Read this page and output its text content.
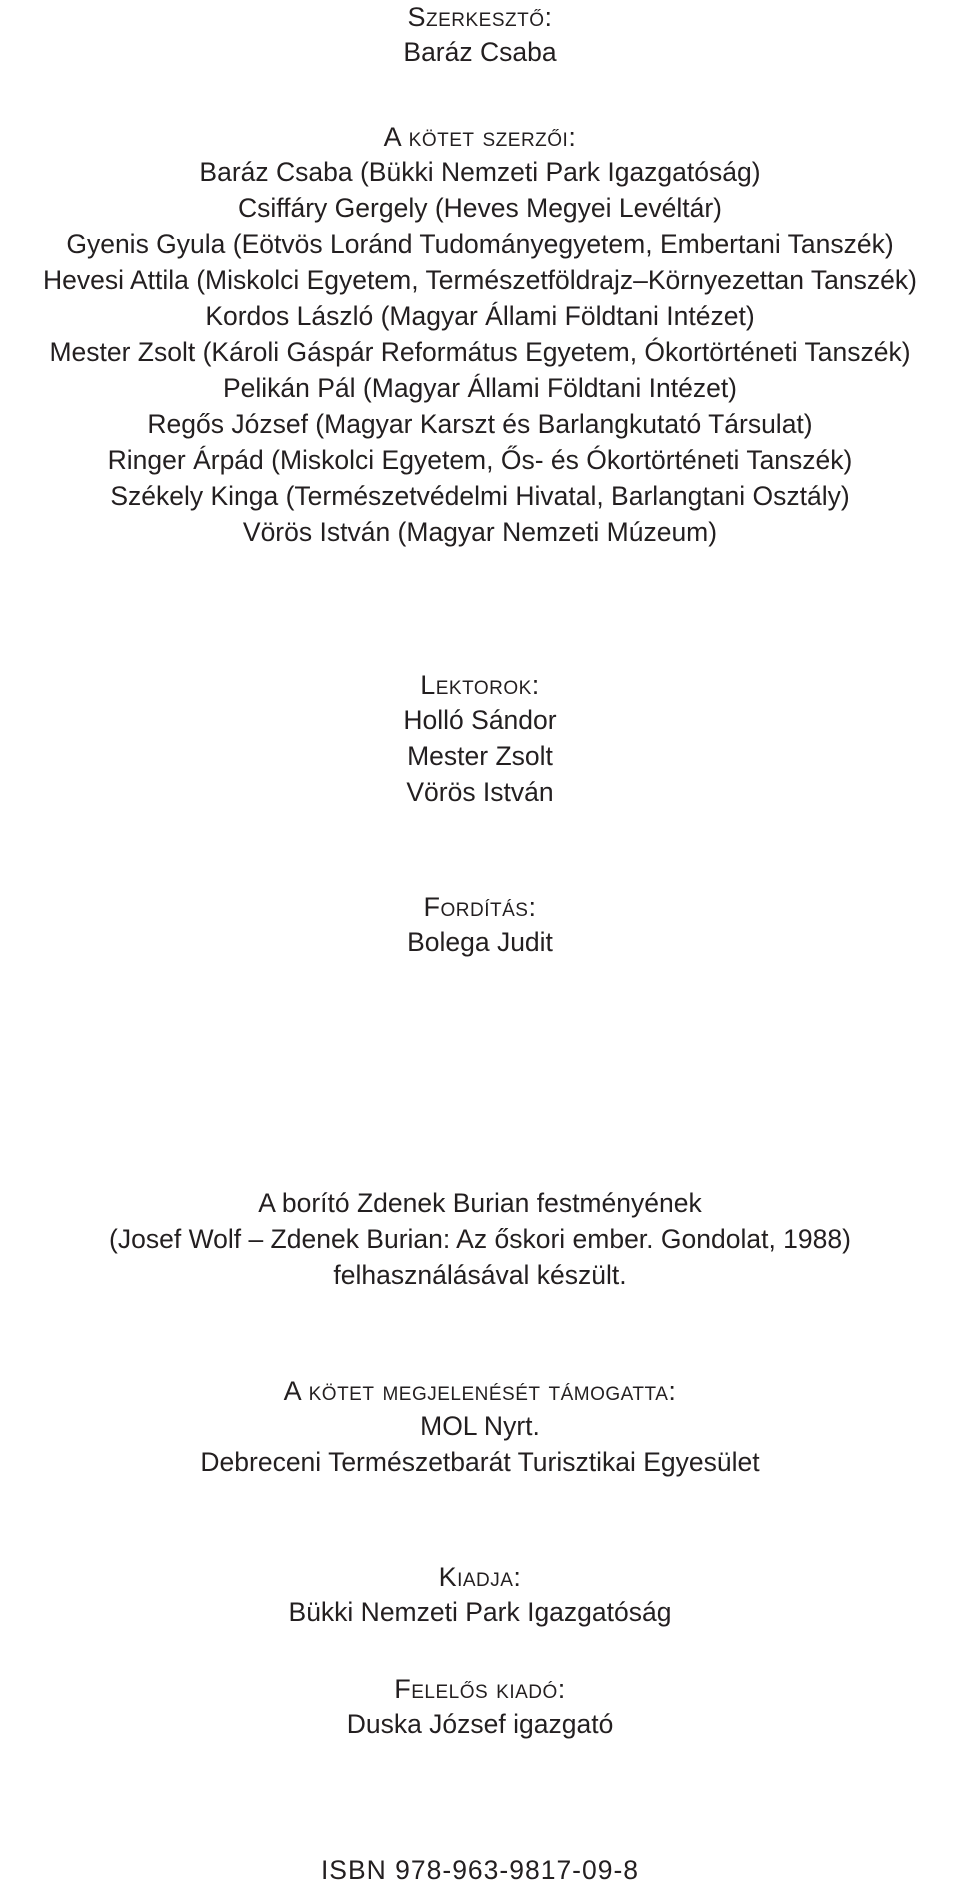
Szerkesztő:
Baráz Csaba
A kötet szerzői:
Baráz Csaba (Bükki Nemzeti Park Igazgatóság)
Csiffáry Gergely (Heves Megyei Levéltár)
Gyenis Gyula (Eötvös Loránd Tudományegyetem, Embertani Tanszék)
Hevesi Attila (Miskolci Egyetem, Természetföldrajz–Környezettan Tanszék)
Kordos László (Magyar Állami Földtani Intézet)
Mester Zsolt (Károli Gáspár Református Egyetem, Ókortörténeti Tanszék)
Pelikán Pál (Magyar Állami Földtani Intézet)
Regős József (Magyar Karszt és Barlangkutató Társulat)
Ringer Árpád (Miskolci Egyetem, Ős- és Ókortörténeti Tanszék)
Székely Kinga (Természetvédelmi Hivatal, Barlangtani Osztály)
Vörös István (Magyar Nemzeti Múzeum)
Lektorok:
Holló Sándor
Mester Zsolt
Vörös István
Fordítás:
Bolega Judit
A borító Zdenek Burian festményének
(Josef Wolf – Zdenek Burian: Az őskori ember. Gondolat, 1988)
felhasználásával készült.
A kötet megjelenését támogatta:
MOL Nyrt.
Debreceni Természetbarát Turisztikai Egyesület
Kiadja:
Bükki Nemzeti Park Igazgatóság
Felelős kiadó:
Duska József igazgató
ISBN 978-963-9817-09-8
